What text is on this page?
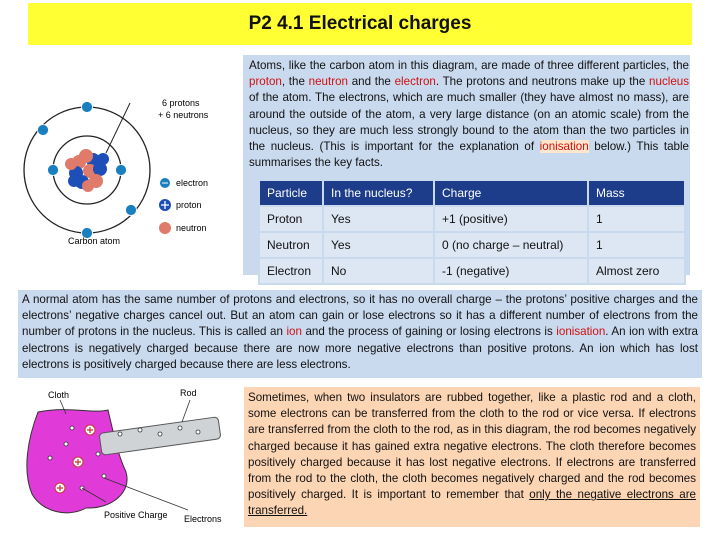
P2 4.1 Electrical charges
6 protons
+ 6 neutrons
electron
proton
neutron
Carbon atom
Atoms, like the carbon atom in this diagram, are made of three different particles, the proton, the neutron and the electron. The protons and neutrons make up the nucleus of the atom. The electrons, which are much smaller (they have almost no mass), are around the outside of the atom, a very large distance (on an atomic scale) from the nucleus, so they are much less strongly bound to the atom than the two particles in the nucleus. (This is important for the explanation of ionisation below.) This table summarises the key facts.
Particle	In the nucleus?	Charge	Mass
Proton	Yes	+1 (positive)	1
Neutron	Yes	0 (no charge – neutral)	1
Electron	No	-1 (negative)	Almost zero
A normal atom has the same number of protons and electrons, so it has no overall charge – the protons’ positive charges and the electrons’ negative charges cancel out. But an atom can gain or lose electrons so it has a different number of electrons from the number of protons in the nucleus. This is called an ion and the process of gaining or losing electrons is ionisation. An ion with extra electrons is negatively charged because there are now more negative electrons than positive protons. An ion which has lost electrons is positively charged because there are less electrons.
Cloth	Rod
Positive Charge Electrons
Sometimes, when two insulators are rubbed together, like a plastic rod and a cloth, some electrons can be transferred from the cloth to the rod or vice versa. If electrons are transferred from the cloth to the rod, as in this diagram, the rod becomes negatively charged because it has gained extra negative electrons. The cloth therefore becomes positively charged because it has lost negative electrons. If electrons are transferred from the rod to the cloth, the cloth becomes negatively charged and the rod becomes positively charged. It is important to remember that only the negative electrons are transferred.
